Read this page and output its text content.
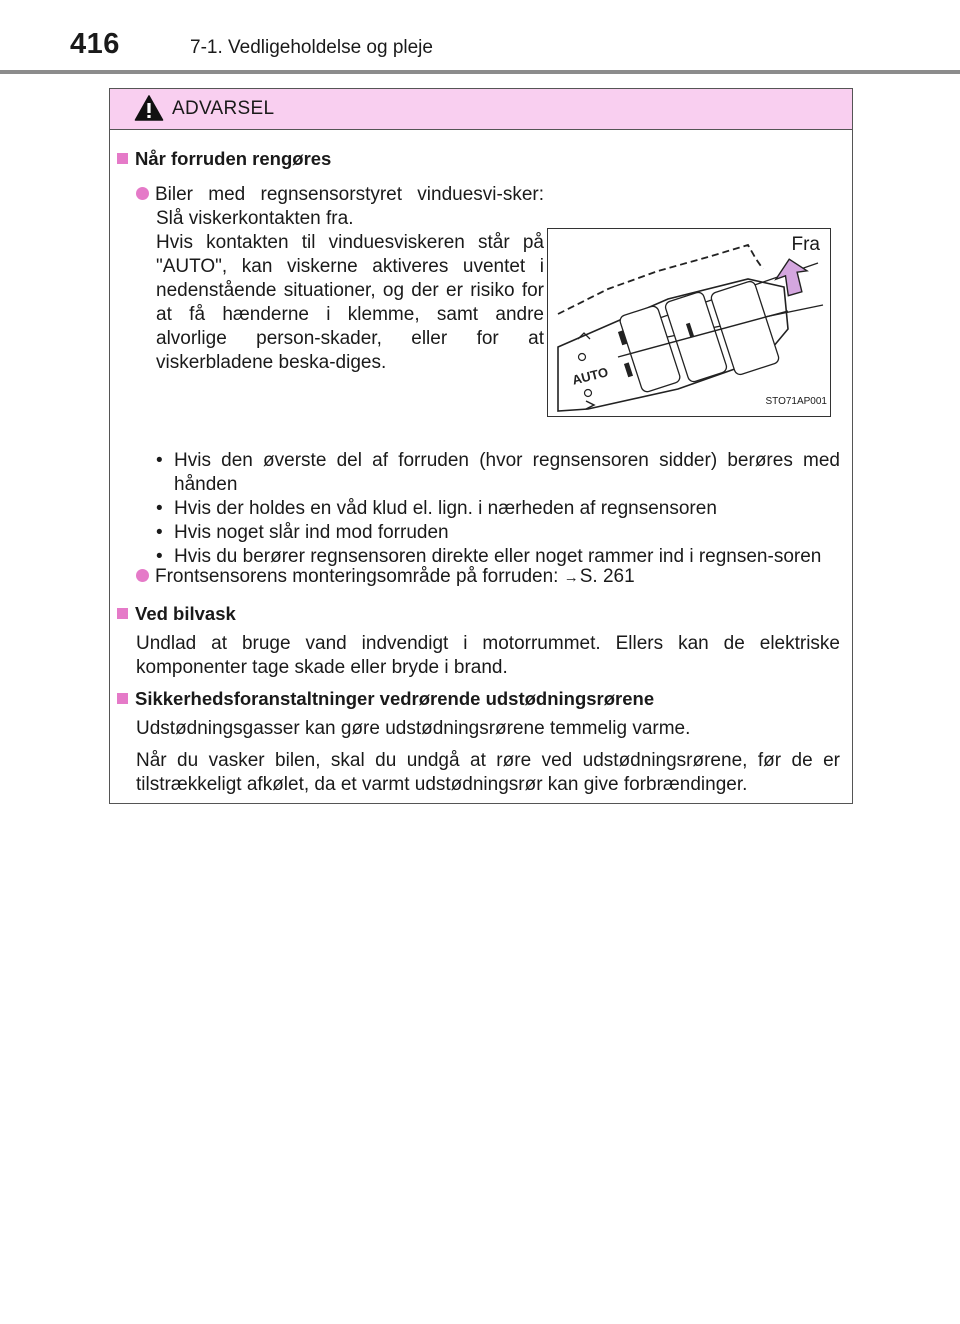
416	7-1. Vedligeholdelse og pleje
ADVARSEL
Når forruden rengøres
Biler med regnsensorstyret vinduesvi-sker: Slå viskerkontakten fra.
Hvis kontakten til vinduesviskeren står på "AUTO", kan viskerne aktiveres uventet i nedenstående situationer, og der er risiko for at få hænderne i klemme, samt andre alvorlige person-skader, eller for at viskerbladene beska-diges.
AUTO
Fra
STO71AP001
• Hvis den øverste del af forruden (hvor regnsensoren sidder) berøres med hånden
• Hvis der holdes en våd klud el. lign. i nærheden af regnsensoren
• Hvis noget slår ind mod forruden
• Hvis du berører regnsensoren direkte eller noget rammer ind i regnsen-soren
Frontsensorens monteringsområde på forruden: →S. 261
Ved bilvask
Undlad at bruge vand indvendigt i motorrummet. Ellers kan de elektriske komponenter tage skade eller bryde i brand.
Sikkerhedsforanstaltninger vedrørende udstødningsrørene
Udstødningsgasser kan gøre udstødningsrørene temmelig varme.
Når du vasker bilen, skal du undgå at røre ved udstødningsrørene, før de er tilstrækkeligt afkølet, da et varmt udstødningsrør kan give forbrændinger.
